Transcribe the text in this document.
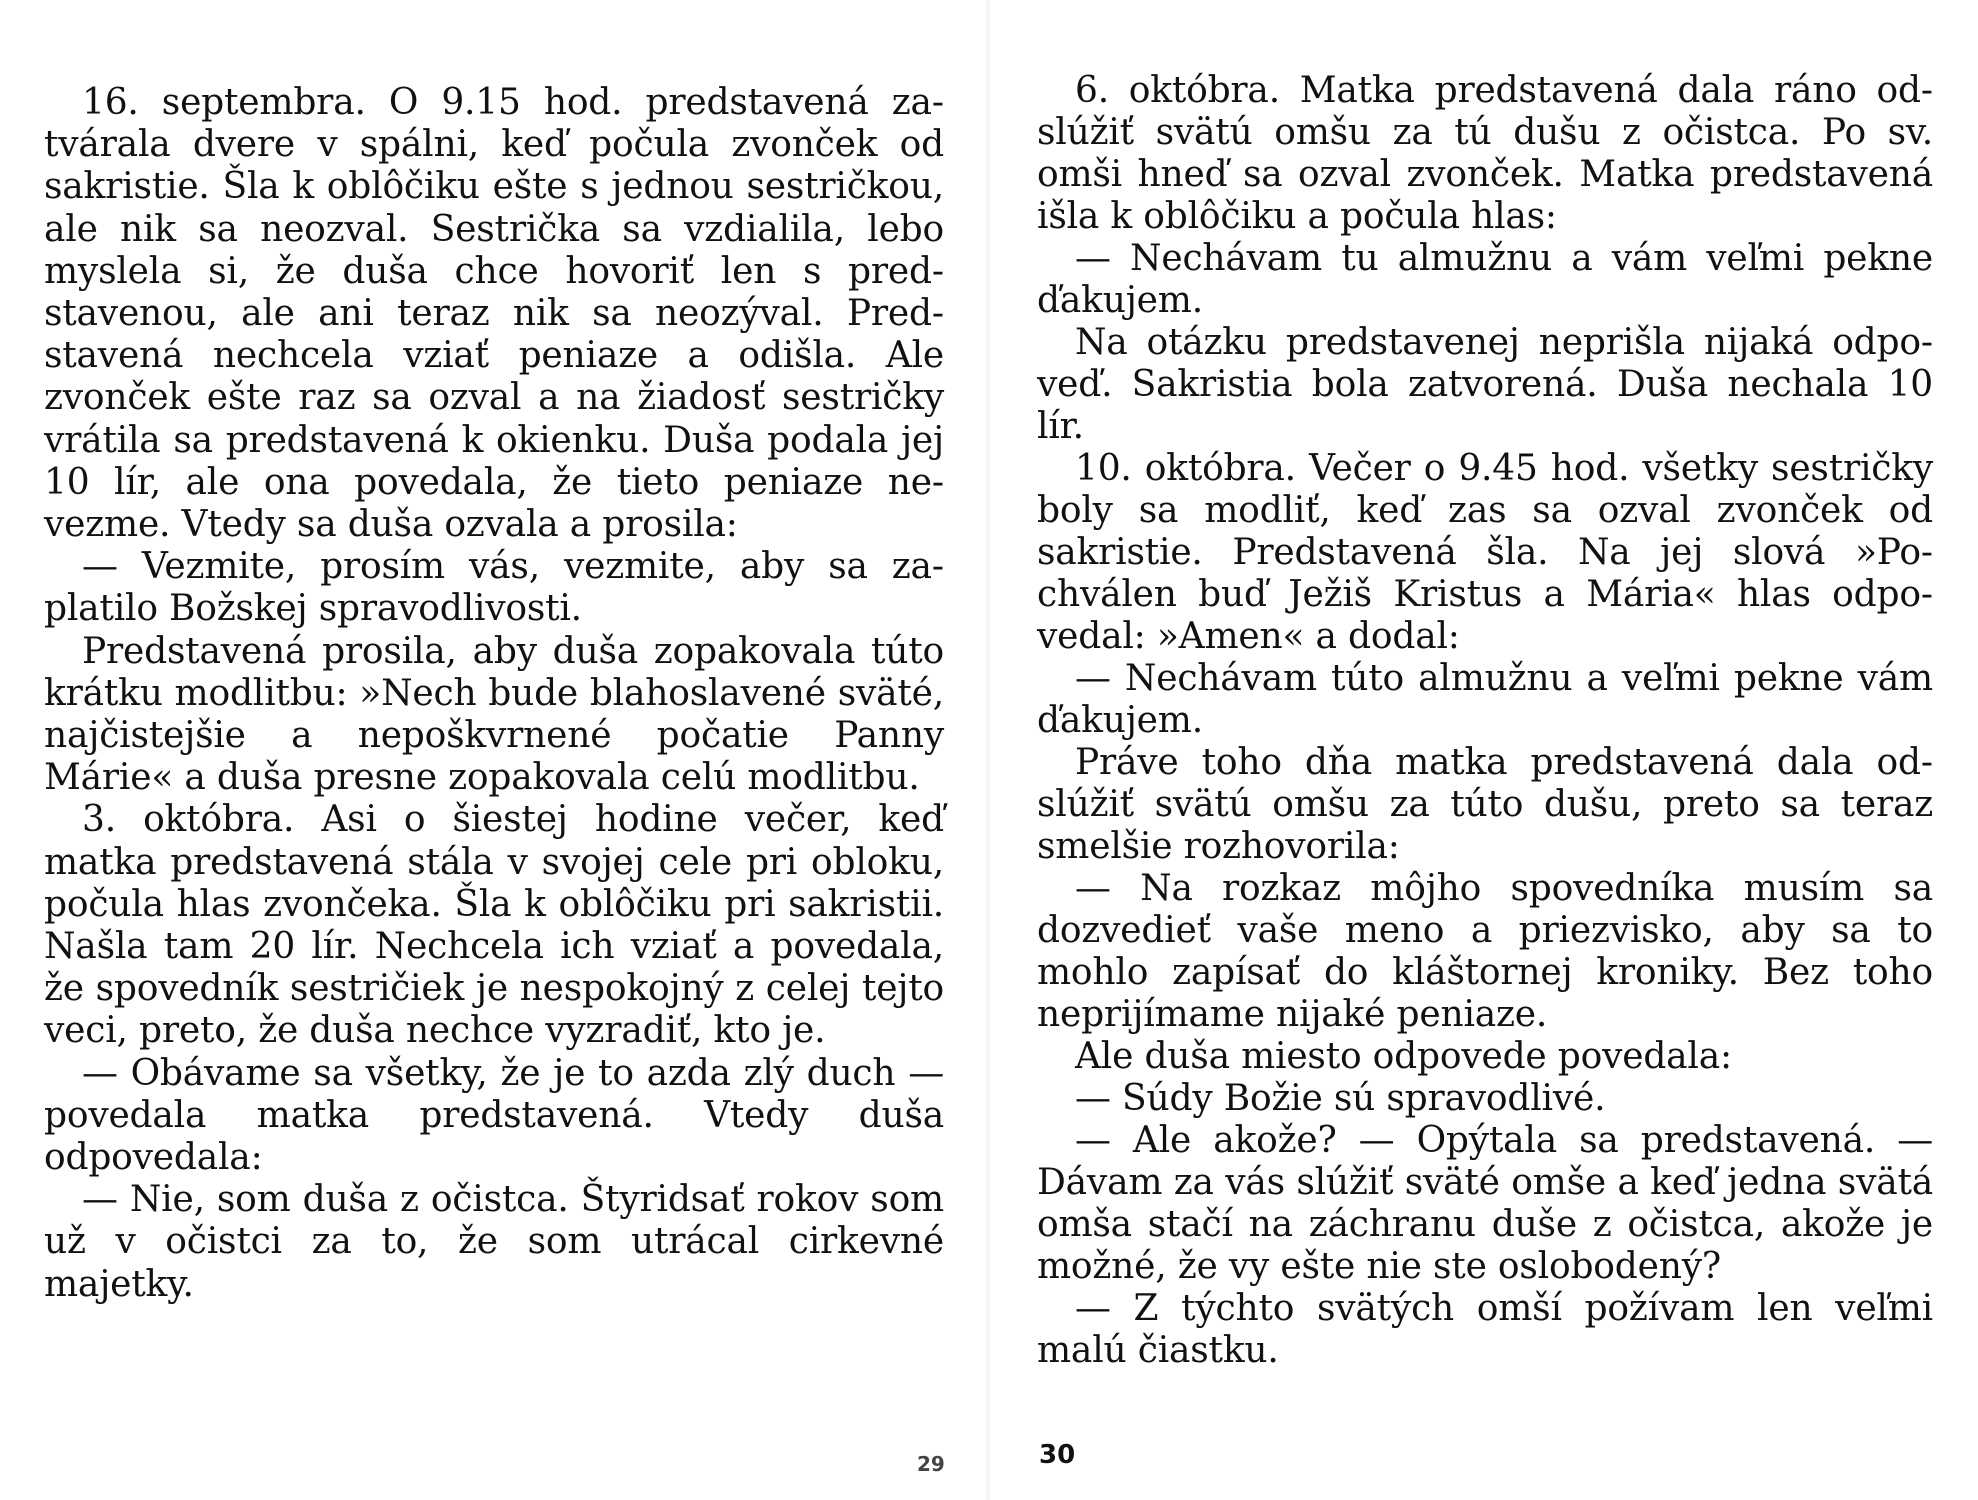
16. septembra. O 9.15 hod. predstavená zatvárala dvere v spálni, keď počula zvonček od sakristie. Šla k oblôčiku ešte s jednou sestričkou, ale nik sa neozval. Sestrička sa vzdialila, lebo myslela si, že duša chce hovoriť len s predstavenou, ale ani teraz nik sa neozýval. Predstavená nechcela vziať peniaze a odišla. Ale zvonček ešte raz sa ozval a na žiadosť sestričky vrátila sa predstavená k okienku. Duša podala jej 10 lír, ale ona povedala, že tieto peniaze nevezme. Vtedy sa duša ozvala a prosila:

— Vezmite, prosím vás, vezmite, aby sa zaplatilo Božskej spravodlivosti.

Predstavená prosila, aby duša zopakovala túto krátku modlitbu: »Nech bude blahoslavené sväté, najčistejšie a nepoškvrnené počatie Panny Márie« a duša presne zopakovala celú modlitbu.

3. októbra. Asi o šiestej hodine večer, keď matka predstavená stála v svojej cele pri obloku, počula hlas zvončeka. Šla k oblôčiku pri sakristii. Našla tam 20 lír. Nechcela ich vziať a povedala, že spovedník sestričiek je nespokojný z celej tejto veci, preto, že duša nechce vyzradiť, kto je.

— Obávame sa všetky, že je to azda zlý duch — povedala matka predstavená. Vtedy duša odpovedala:

— Nie, som duša z očistca. Štyridsať rokov som už v očistci za to, že som utrácal cirkevné majetky.

29

6. októbra. Matka predstavená dala ráno odslúžiť svätú omšu za tú dušu z očistca. Po sv. omši hneď sa ozval zvonček. Matka predstavená išla k oblôčiku a počula hlas:

— Nechávam tu almužnu a vám veľmi pekne ďakujem.

Na otázku predstavenej neprišla nijaká odpoveď. Sakristia bola zatvorená. Duša nechala 10 lír.

10. októbra. Večer o 9.45 hod. všetky sestričky boly sa modliť, keď zas sa ozval zvonček od sakristie. Predstavená šla. Na jej slová »Pochválen buď Ježiš Kristus a Mária« hlas odpovedal: »Amen« a dodal:

— Nechávam túto almužnu a veľmi pekne vám ďakujem.

Práve toho dňa matka predstavená dala odslúžiť svätú omšu za túto dušu, preto sa teraz smelšie rozhovorila:

— Na rozkaz môjho spovedníka musím sa dozvedieť vaše meno a priezvisko, aby sa to mohlo zapísať do kláštornej kroniky. Bez toho neprijímame nijaké peniaze.

Ale duša miesto odpovede povedala:

— Súdy Božie sú spravodlivé.

— Ale akože? — Opýtala sa predstavená. — Dávam za vás slúžiť sväté omše a keď jedna svätá omša stačí na záchranu duše z očistca, akože je možné, že vy ešte nie ste oslobodený?

— Z týchto svätých omší požívam len veľmi malú čiastku.

30
